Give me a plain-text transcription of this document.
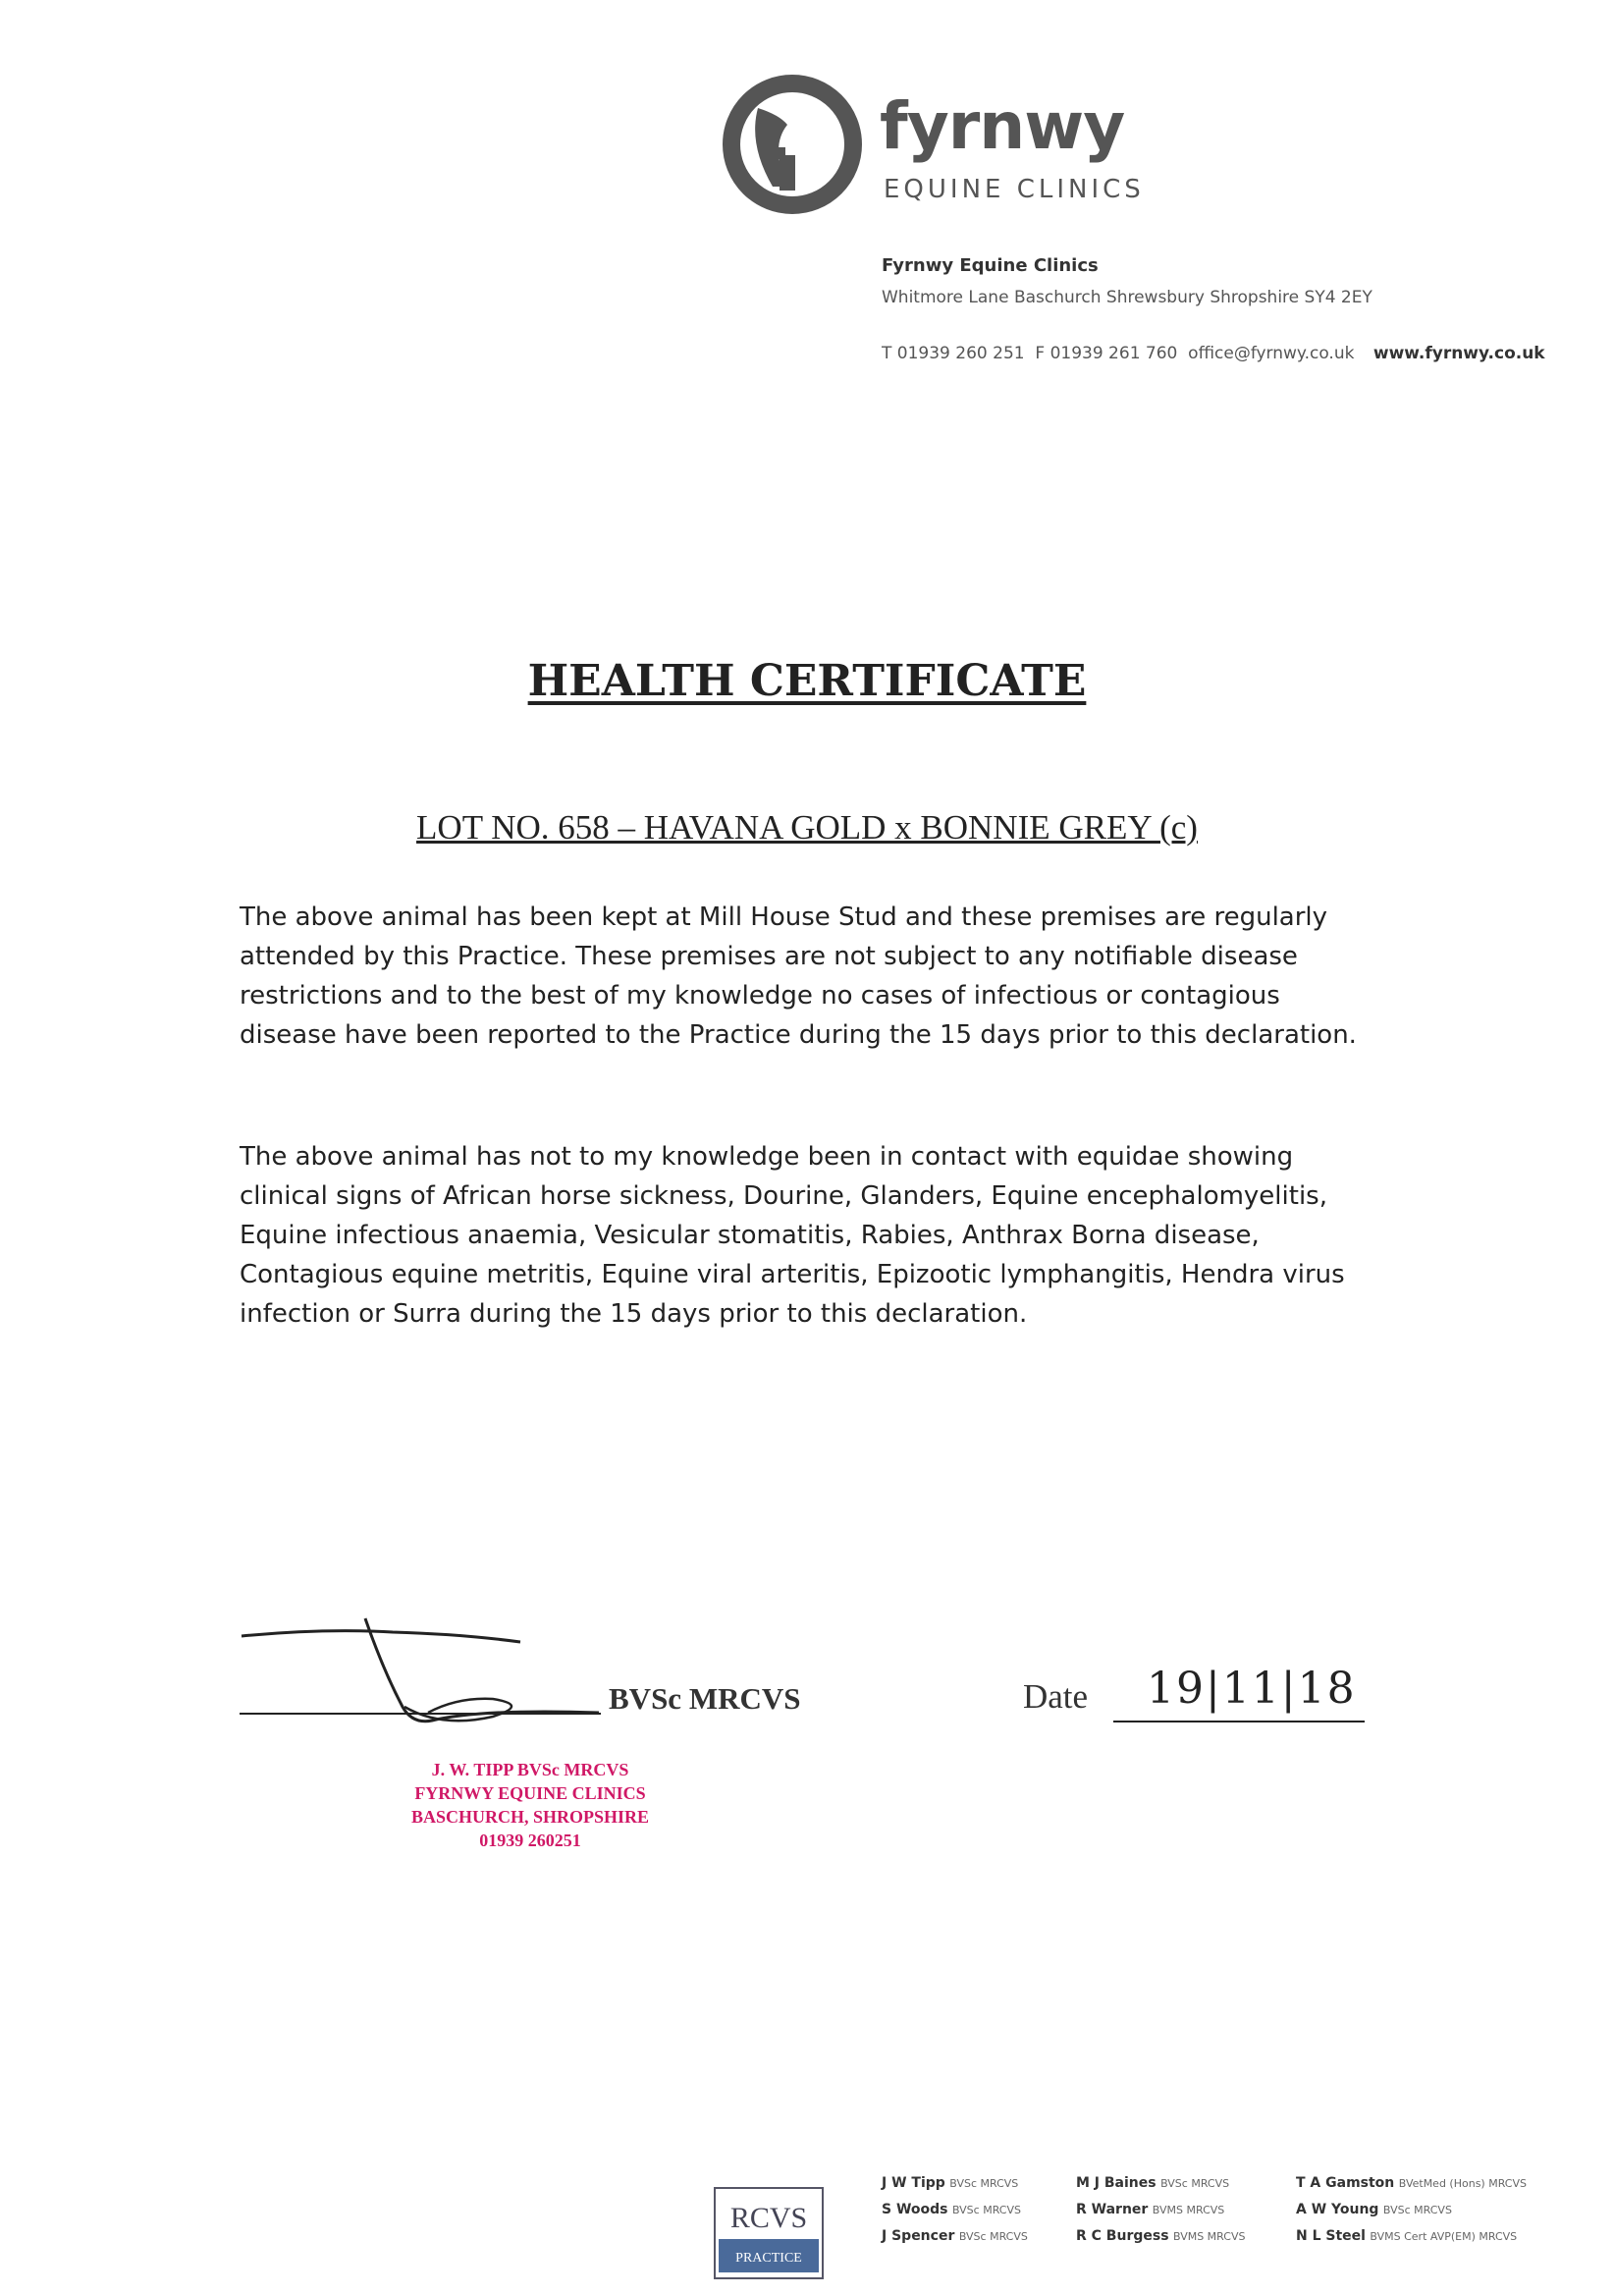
fyrnwy
EQUINE CLINICS
Fyrnwy Equine Clinics
Whitmore Lane Baschurch Shrewsbury Shropshire SY4 2EY
T 01939 260 251 F 01939 261 760 office@fyrnwy.co.uk www.fyrnwy.co.uk
HEALTH CERTIFICATE
LOT NO. 658 – HAVANA GOLD x BONNIE GREY (c)
The above animal has been kept at Mill House Stud and these premises are regularly attended by this Practice. These premises are not subject to any notifiable disease restrictions and to the best of my knowledge no cases of infectious or contagious disease have been reported to the Practice during the 15 days prior to this declaration.
The above animal has not to my knowledge been in contact with equidae showing clinical signs of African horse sickness, Dourine, Glanders, Equine encephalomyelitis, Equine infectious anaemia, Vesicular stomatitis, Rabies, Anthrax Borna disease, Contagious equine metritis, Equine viral arteritis, Epizootic lymphangitis, Hendra virus infection or Surra during the 15 days prior to this declaration.
BVSc MRCVS	Date 19|11|18
J. W. TIPP BVSc MRCVS
FYRNWY EQUINE CLINICS
BASCHURCH, SHROPSHIRE
01939 260251
RCVS
PRACTICE
J W Tipp BVSc MRCVS
S Woods BVSc MRCVS
J Spencer BVSc MRCVS
M J Baines BVSc MRCVS
R Warner BVMS MRCVS
R C Burgess BVMS MRCVS
T A Gamston BVetMed (Hons) MRCVS
A W Young BVSc MRCVS
N L Steel BVMS Cert AVP(EM) MRCVS
